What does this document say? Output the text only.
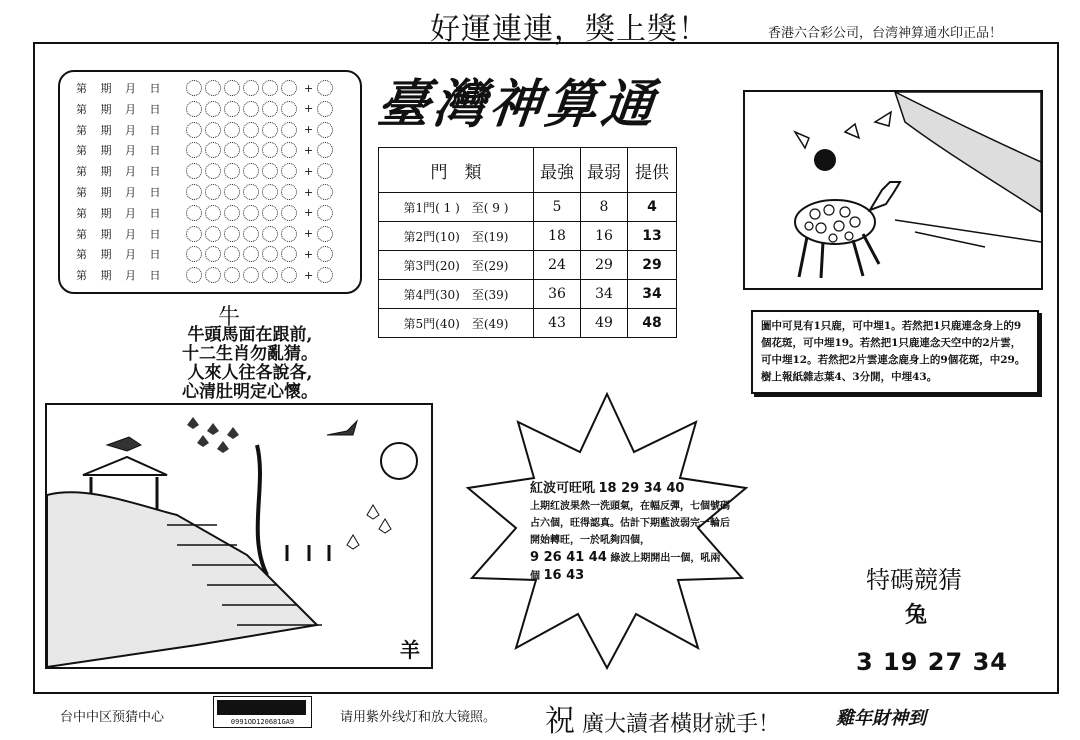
好運連連，獎上獎！	香港六合彩公司，台湾神算通水印正品！
第 期 月 日	+
第 期 月 日	+
第 期 月 日	+
第 期 月 日	+
第 期 月 日	+
第 期 月 日	+
第 期 月 日	+
第 期 月 日	+
第 期 月 日	+
第 期 月 日	+
臺灣神算通
門　類	最強	最弱	提供
第1門( 1 )　至( 9 )	5	8	4
第2門(10)　至(19)	18	16	13
第3門(20)　至(29)	24	29	29
第4門(30)　至(39)	36	34	34
第5門(40)　至(49)	43	49	48
牛
牛頭馬面在跟前,
十二生肖勿亂猜。
人來人往各說各,
心清肚明定心懷。
圖中可見有1只鹿，可中埋1。若然把1只鹿連念身上的9個花斑，可中埋19。若然把1只鹿連念天空中的2片雲，可中埋12。若然把2片雲連念鹿身上的9個花斑，中29。樹上報紙雜志葉4、3分開，中埋43。
羊
紅波可旺吼 18 29 34 40
上期红波果然一洗頭氣，在幅反彈，七個號碼占六個，旺得認真。估計下期藍波弱完一輪后開始轉旺，一於吼夠四個，
9 26 41 44 綠波上期開出一個，吼兩個 16 43	特碼競猜
兔
3 19 27 34
台中中区预猜中心	0991OD120681GA9	请用紫外线灯和放大镜照。 祝 廣大讀者橫財就手！	雞年財神到
